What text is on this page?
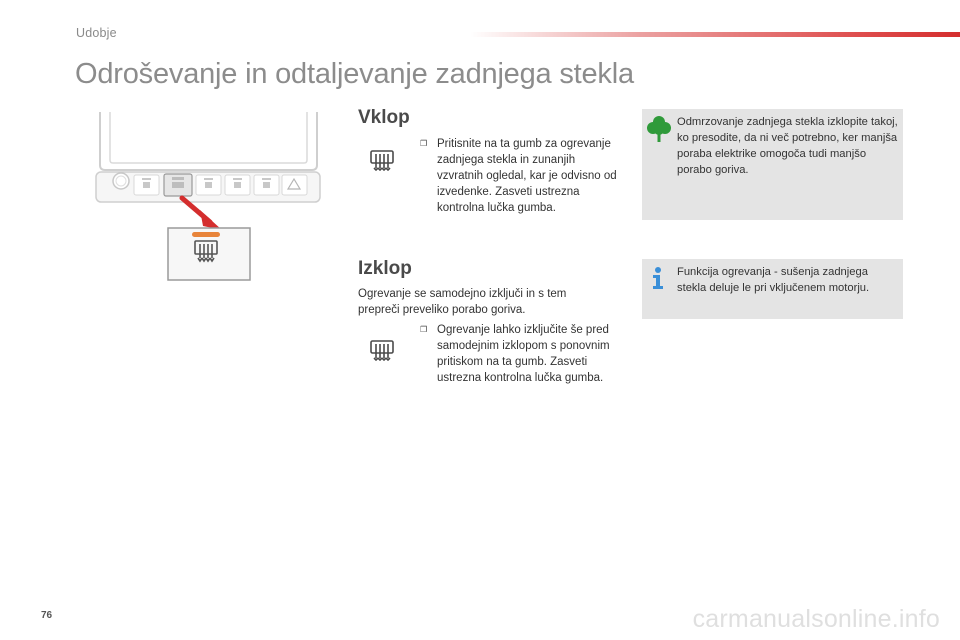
Udobje
Odroševanje in odtaljevanje zadnjega stekla
Vklop
❒ Pritisnite na ta gumb za ogrevanje zadnjega stekla in zunanjih vzvratnih ogledal, kar je odvisno od izvedenke. Zasveti ustrezna kontrolna lučka gumba.
Izklop
Ogrevanje se samodejno izključi in s tem prepreči preveliko porabo goriva.
❒ Ogrevanje lahko izključite še pred samodejnim izklopom s ponovnim pritiskom na ta gumb. Zasveti ustrezna kontrolna lučka gumba.
Odmrzovanje zadnjega stekla izklopite takoj, ko presodite, da ni več potrebno, ker manjša poraba elektrike omogoča tudi manjšo porabo goriva.
Funkcija ogrevanja - sušenja zadnjega stekla deluje le pri vključenem motorju.
76	carmanualsonline.info
